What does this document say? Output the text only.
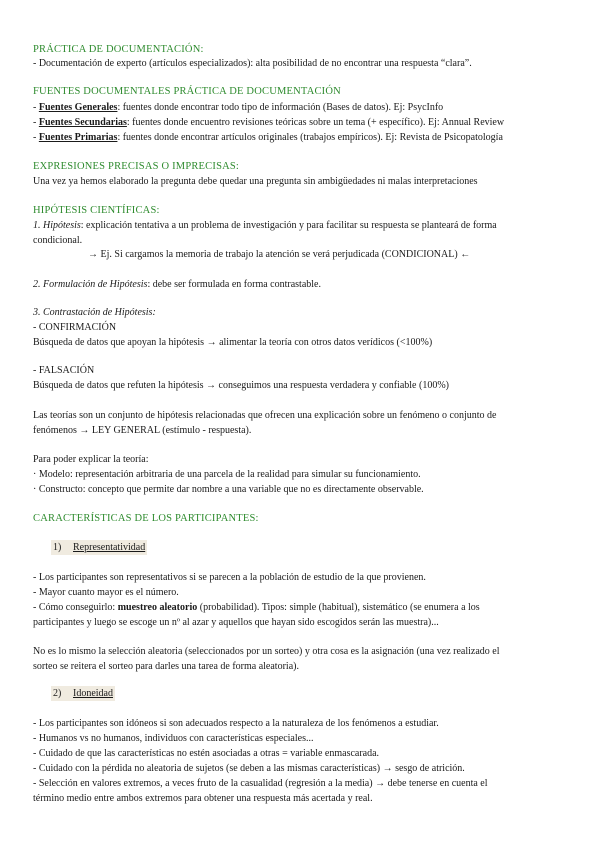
PRÁCTICA DE DOCUMENTACIÓN:
- Documentación de experto (artículos especializados): alta posibilidad de no encontrar una respuesta “clara”.
FUENTES DOCUMENTALES PRÁCTICA DE DOCUMENTACIÓN
- Fuentes Generales: fuentes donde encontrar todo tipo de información (Bases de datos). Ej: PsycInfo
- Fuentes Secundarias: fuentes donde encuentro revisiones teóricas sobre un tema (+ específico). Ej: Annual Review
- Fuentes Primarias: fuentes donde encontrar artículos originales (trabajos empíricos). Ej: Revista de Psicopatología
EXPRESIONES PRECISAS O IMPRECISAS:
Una vez ya hemos elaborado la pregunta debe quedar una pregunta sin ambigüedades ni malas interpretaciones
HIPÓTESIS CIENTÍFICAS:
1. Hipótesis: explicación tentativa a un problema de investigación y para facilitar su respuesta se planteará de forma
condicional.
→ Ej. Si cargamos la memoria de trabajo la atención se verá perjudicada (CONDICIONAL) ←
2. Formulación de Hipótesis: debe ser formulada en forma contrastable.
3. Contrastación de Hipótesis:
- CONFIRMACIÓN
Búsqueda de datos que apoyan la hipótesis → alimentar la teoría con otros datos verídicos (<100%)
- FALSACIÓN
Búsqueda de datos que refuten la hipótesis → conseguimos una respuesta verdadera y confiable (100%)
Las teorías son un conjunto de hipótesis relacionadas que ofrecen una explicación sobre un fenómeno o conjunto de
fenómenos → LEY GENERAL (estímulo - respuesta).
Para poder explicar la teoría:
· Modelo: representación arbitraria de una parcela de la realidad para simular su funcionamiento.
· Constructo: concepto que permite dar nombre a una variable que no es directamente observable.
CARACTERÍSTICAS DE LOS PARTICIPANTES:
1) Representatividad
- Los participantes son representativos si se parecen a la población de estudio de la que provienen.
- Mayor cuanto mayor es el número.
- Cómo conseguirlo: muestreo aleatorio (probabilidad). Tipos: simple (habitual), sistemático (se enumera a los
participantes y luego se escoge un nº al azar y aquellos que hayan sido escogidos serán las muestra)...
No es lo mismo la selección aleatoria (seleccionados por un sorteo) y otra cosa es la asignación (una vez realizado el
sorteo se reitera el sorteo para darles una tarea de forma aleatoria).
2) Idoneidad
- Los participantes son idóneos si son adecuados respecto a la naturaleza de los fenómenos a estudiar.
- Humanos vs no humanos, individuos con características especiales...
- Cuidado de que las características no estén asociadas a otras = variable enmascarada.
- Cuidado con la pérdida no aleatoria de sujetos (se deben a las mismas características) → sesgo de atrición.
- Selección en valores extremos, a veces fruto de la casualidad (regresión a la media) → debe tenerse en cuenta el
término medio entre ambos extremos para obtener una respuesta más acertada y real.
